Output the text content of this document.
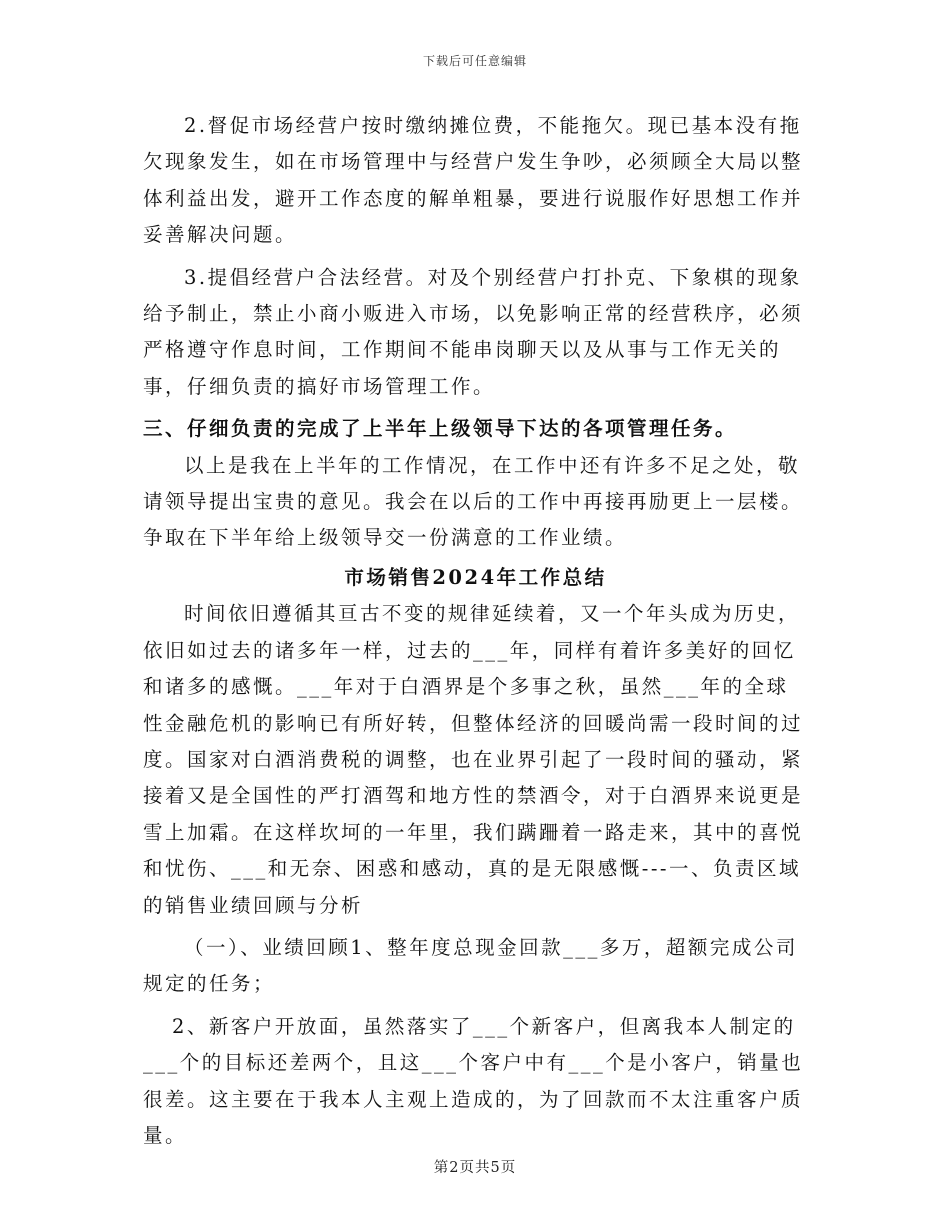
下载后可任意编辑

2.督促市场经营户按时缴纳摊位费，不能拖欠。现已基本没有拖欠现象发生，如在市场管理中与经营户发生争吵，必须顾全大局以整体利益出发，避开工作态度的解单粗暴，要进行说服作好思想工作并妥善解决问题。

3.提倡经营户合法经营。对及个别经营户打扑克、下象棋的现象给予制止，禁止小商小贩进入市场，以免影响正常的经营秩序，必须严格遵守作息时间，工作期间不能串岗聊天以及从事与工作无关的事，仔细负责的搞好市场管理工作。

三、仔细负责的完成了上半年上级领导下达的各项管理任务。

以上是我在上半年的工作情况，在工作中还有许多不足之处，敬请领导提出宝贵的意见。我会在以后的工作中再接再励更上一层楼。争取在下半年给上级领导交一份满意的工作业绩。

市场销售2024年工作总结

时间依旧遵循其亘古不变的规律延续着，又一个年头成为历史，依旧如过去的诸多年一样，过去的___年，同样有着许多美好的回忆和诸多的感慨。___年对于白酒界是个多事之秋，虽然___年的全球性金融危机的影响已有所好转，但整体经济的回暖尚需一段时间的过度。国家对白酒消费税的调整，也在业界引起了一段时间的骚动，紧接着又是全国性的严打酒驾和地方性的禁酒令，对于白酒界来说更是雪上加霜。在这样坎坷的一年里，我们蹒跚着一路走来，其中的喜悦和忧伤、___和无奈、困惑和感动，真的是无限感慨---一、负责区域的销售业绩回顾与分析

（一）、业绩回顾1、整年度总现金回款___多万，超额完成公司规定的任务；

2、新客户开放面，虽然落实了___个新客户，但离我本人制定的___个的目标还差两个，且这___个客户中有___个是小客户，销量也很差。这主要在于我本人主观上造成的，为了回款而不太注重客户质量。

第2页共5页
